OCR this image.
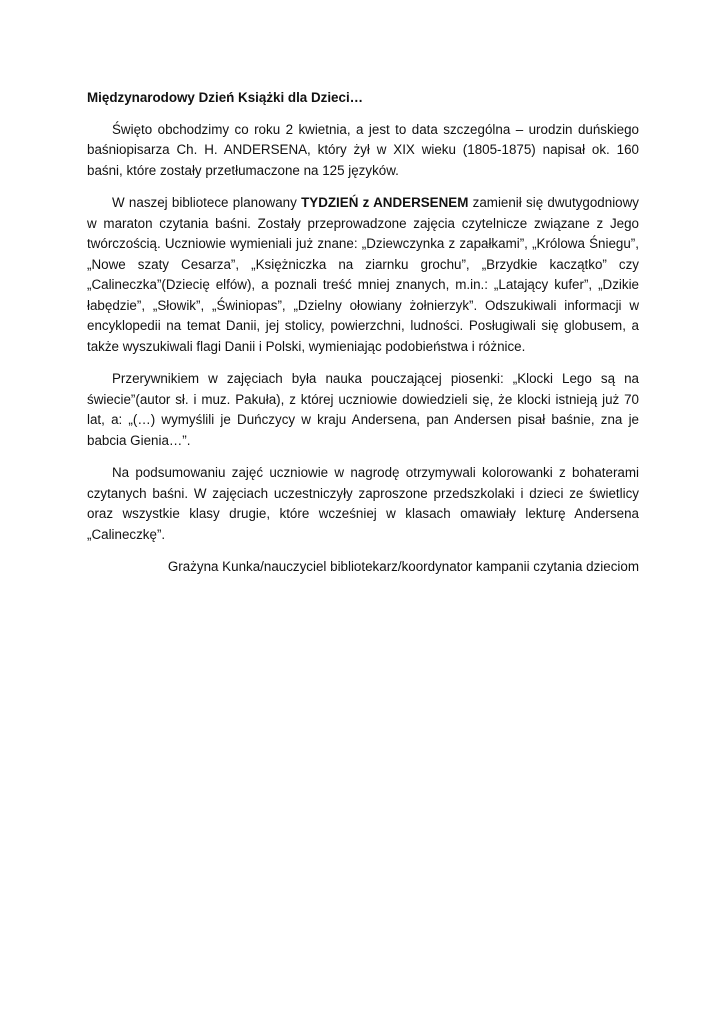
Międzynarodowy Dzień Książki dla Dzieci…

Święto obchodzimy co roku 2 kwietnia, a jest to data szczególna – urodzin duńskiego baśniopisarza Ch. H. ANDERSENA, który żył w XIX wieku (1805-1875) napisał ok. 160 baśni, które zostały przetłumaczone na 125 języków.

W naszej bibliotece planowany TYDZIEŃ z ANDERSENEM zamienił się dwutygodniowy w maraton czytania baśni. Zostały przeprowadzone zajęcia czytelnicze związane z Jego twórczością. Uczniowie wymieniali już znane: „Dziewczynka z zapałkami”, „Królowa Śniegu”, „Nowe szaty Cesarza”, „Księżniczka na ziarnku grochu”, „Brzydkie kaczątko” czy „Calineczka”(Dziecię elfów), a poznali treść mniej znanych, m.in.: „Latający kufer”, „Dzikie łabędzie”, „Słowik”, „Świniopas”, „Dzielny ołowiany żołnierzyk”. Odszukiwali informacji w encyklopedii na temat Danii, jej stolicy, powierzchni, ludności. Posługiwali się globusem, a także wyszukiwali flagi Danii i Polski, wymieniając podobieństwa i różnice.

Przerywnikiem w zajęciach była nauka pouczającej piosenki: „Klocki Lego są na świecie”(autor sł. i muz. Pakuła), z której uczniowie dowiedzieli się, że klocki istnieją już 70 lat, a: „(…) wymyślili je Duńczycy w kraju Andersena, pan Andersen pisał baśnie, zna je babcia Gienia…”.

Na podsumowaniu zajęć uczniowie w nagrodę otrzymywali kolorowanki z bohaterami czytanych baśni. W zajęciach uczestniczyły zaproszone przedszkolaki i dzieci ze świetlicy oraz wszystkie klasy drugie, które wcześniej w klasach omawiały lekturę Andersena „Calineczkę”.

Grażyna Kunka/nauczyciel bibliotekarz/koordynator kampanii czytania dzieciom
